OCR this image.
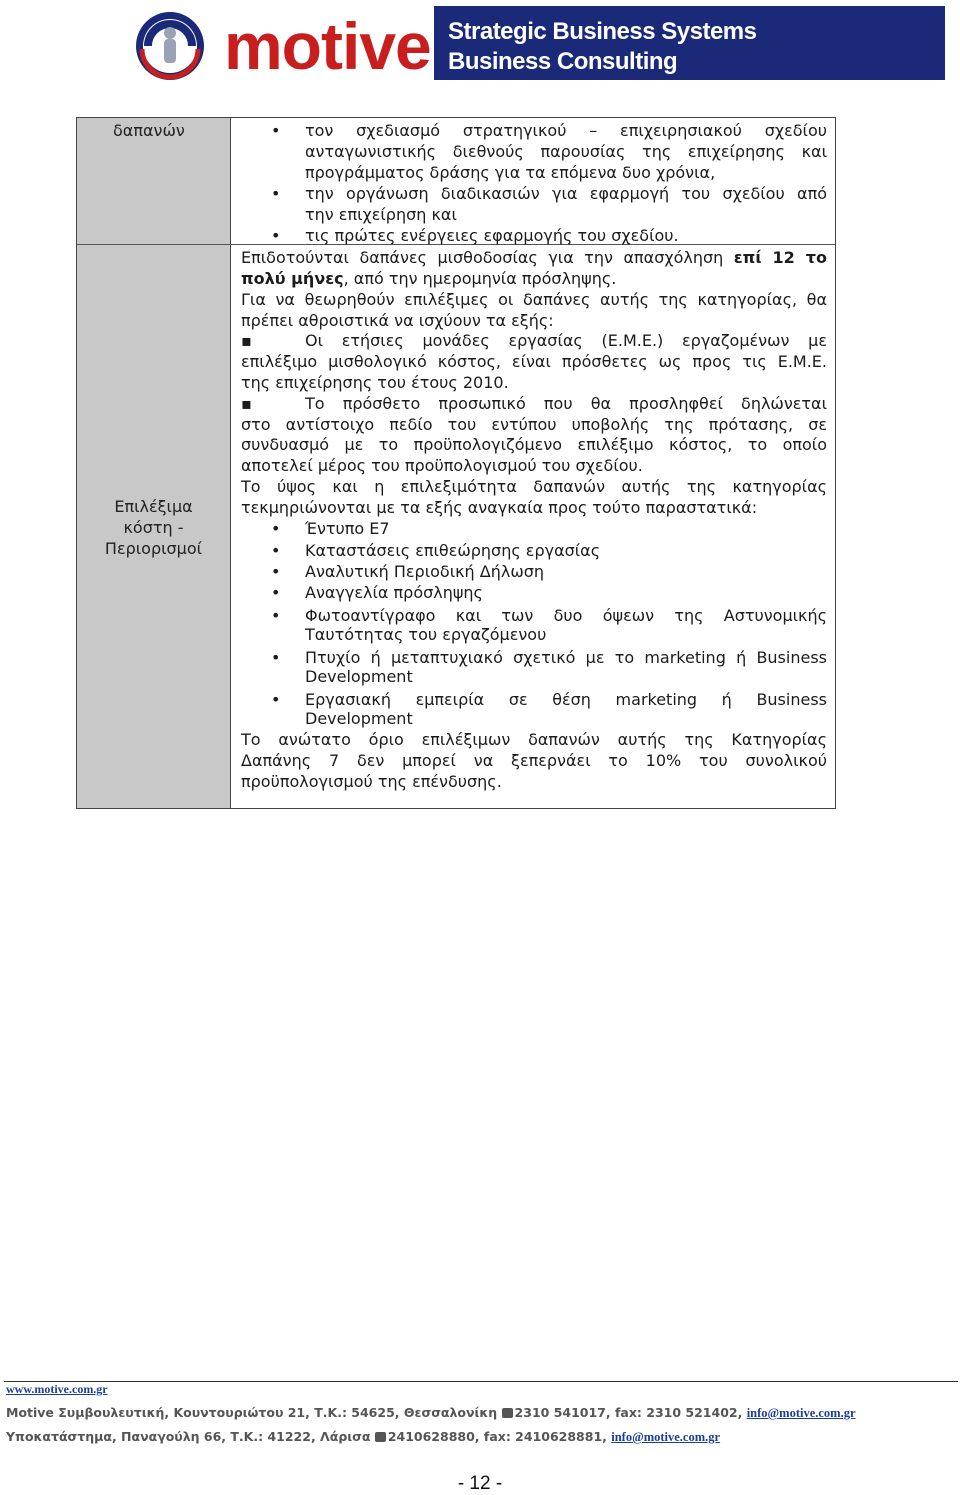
motive Strategic Business Systems
Business Consulting
δαπανών
Επιλέξιμα
κόστη -
Περιορισμοί
• τον σχεδιασμό στρατηγικού – επιχειρησιακού σχεδίου
ανταγωνιστικής διεθνούς παρουσίας της επιχείρησης και
προγράμματος δράσης για τα επόμενα δυο χρόνια,
• την οργάνωση διαδικασιών για εφαρμογή του σχεδίου από
την επιχείρηση και
• τις πρώτες ενέργειες εφαρμογής του σχεδίου.
Επιδοτούνται δαπάνες μισθοδοσίας για την απασχόληση επί 12 το
πολύ μήνες, από την ημερομηνία πρόσληψης.
Για να θεωρηθούν επιλέξιμες οι δαπάνες αυτής της κατηγορίας, θα
πρέπει αθροιστικά να ισχύουν τα εξής:
▪	Οι ετήσιες μονάδες εργασίας (Ε.Μ.Ε.) εργαζομένων με
επιλέξιμο μισθολογικό κόστος, είναι πρόσθετες ως προς τις Ε.Μ.Ε.
της επιχείρησης του έτους 2010.
▪	Το πρόσθετο προσωπικό που θα προσληφθεί δηλώνεται
στο αντίστοιχο πεδίο του εντύπου υποβολής της πρότασης, σε
συνδυασμό με το προϋπολογιζόμενο επιλέξιμο κόστος, το οποίο
αποτελεί μέρος του προϋπολογισμού του σχεδίου.
Το ύψος και η επιλεξιμότητα δαπανών αυτής της κατηγορίας
τεκμηριώνονται με τα εξής αναγκαία προς τούτο παραστατικά:
• Έντυπο Ε7
• Καταστάσεις επιθεώρησης εργασίας
• Αναλυτική Περιοδική Δήλωση
• Αναγγελία πρόσληψης
• Φωτοαντίγραφο και των δυο όψεων της Αστυνομικής
Ταυτότητας του εργαζόμενου
• Πτυχίο ή μεταπτυχιακό σχετικό με το marketing ή Business
Development
• Εργασιακή εμπειρία σε θέση marketing ή Business
Development
Το ανώτατο όριο επιλέξιμων δαπανών αυτής της Κατηγορίας
Δαπάνης 7 δεν μπορεί να ξεπερνάει το 10% του συνολικού
προϋπολογισμού της επένδυσης.
www.motive.com.gr
Motive Συμβουλευτική, Κουντουριώτου 21, Τ.Κ.: 54625, Θεσσαλονίκη 2310 541017, fax: 2310 521402, info@motive.com.gr
Υποκατάστημα, Παναγούλη 66, Τ.Κ.: 41222, Λάρισα 2410628880, fax: 2410628881, info@motive.com.gr
- 12 -
